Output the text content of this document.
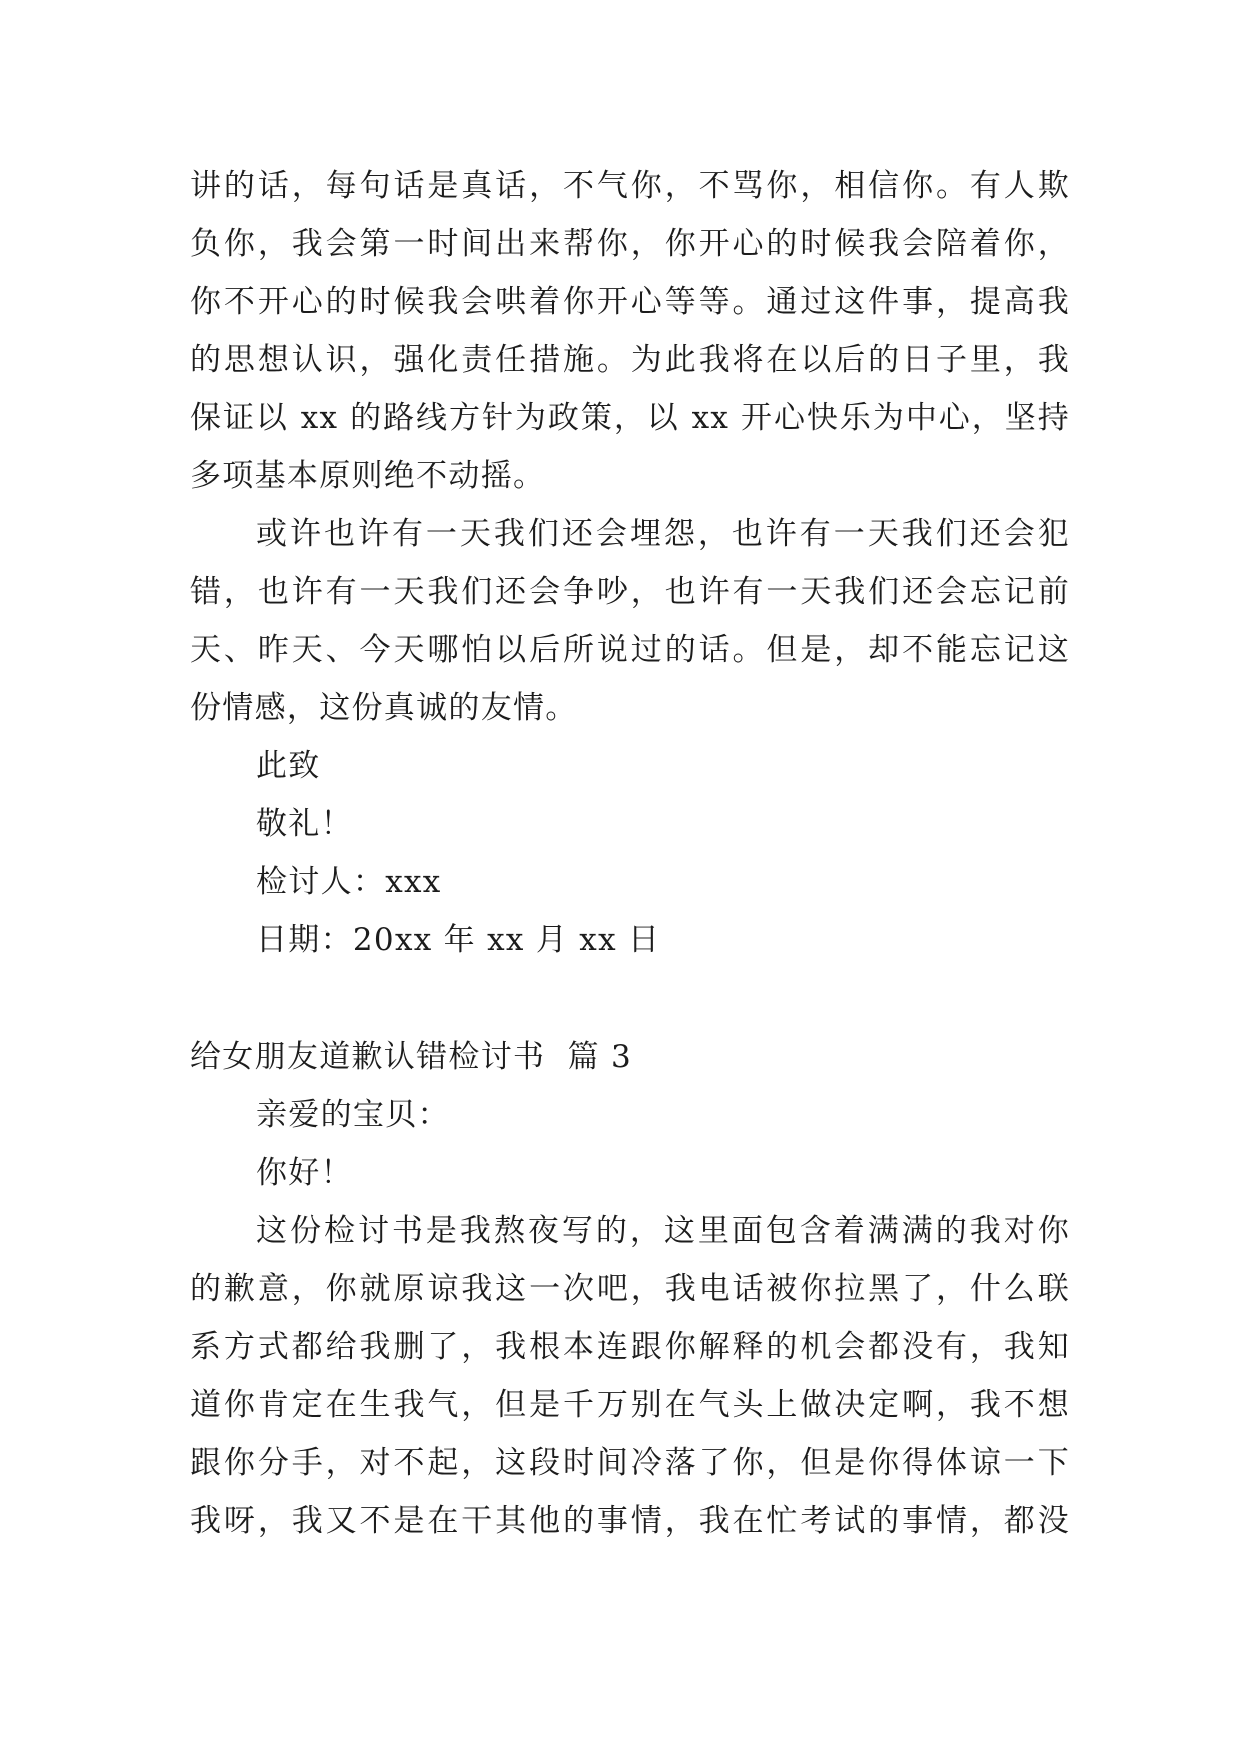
讲的话，每句话是真话，不气你，不骂你，相信你。有人欺
负你，我会第一时间出来帮你，你开心的时候我会陪着你，
你不开心的时候我会哄着你开心等等。通过这件事，提高我
的思想认识，强化责任措施。为此我将在以后的日子里，我
保证以 xx 的路线方针为政策，以 xx 开心快乐为中心，坚持
多项基本原则绝不动摇。
或许也许有一天我们还会埋怨，也许有一天我们还会犯
错，也许有一天我们还会争吵，也许有一天我们还会忘记前
天、昨天、今天哪怕以后所说过的话。但是，却不能忘记这
份情感，这份真诚的友情。
此致
敬礼！
检讨人：xxx
日期：20xx 年 xx 月 xx 日
给女朋友道歉认错检讨书  篇 3
亲爱的宝贝：
你好！
这份检讨书是我熬夜写的，这里面包含着满满的我对你
的歉意，你就原谅我这一次吧，我电话被你拉黑了，什么联
系方式都给我删了，我根本连跟你解释的机会都没有，我知
道你肯定在生我气，但是千万别在气头上做决定啊，我不想
跟你分手，对不起，这段时间冷落了你，但是你得体谅一下
我呀，我又不是在干其他的事情，我在忙考试的事情，都没
